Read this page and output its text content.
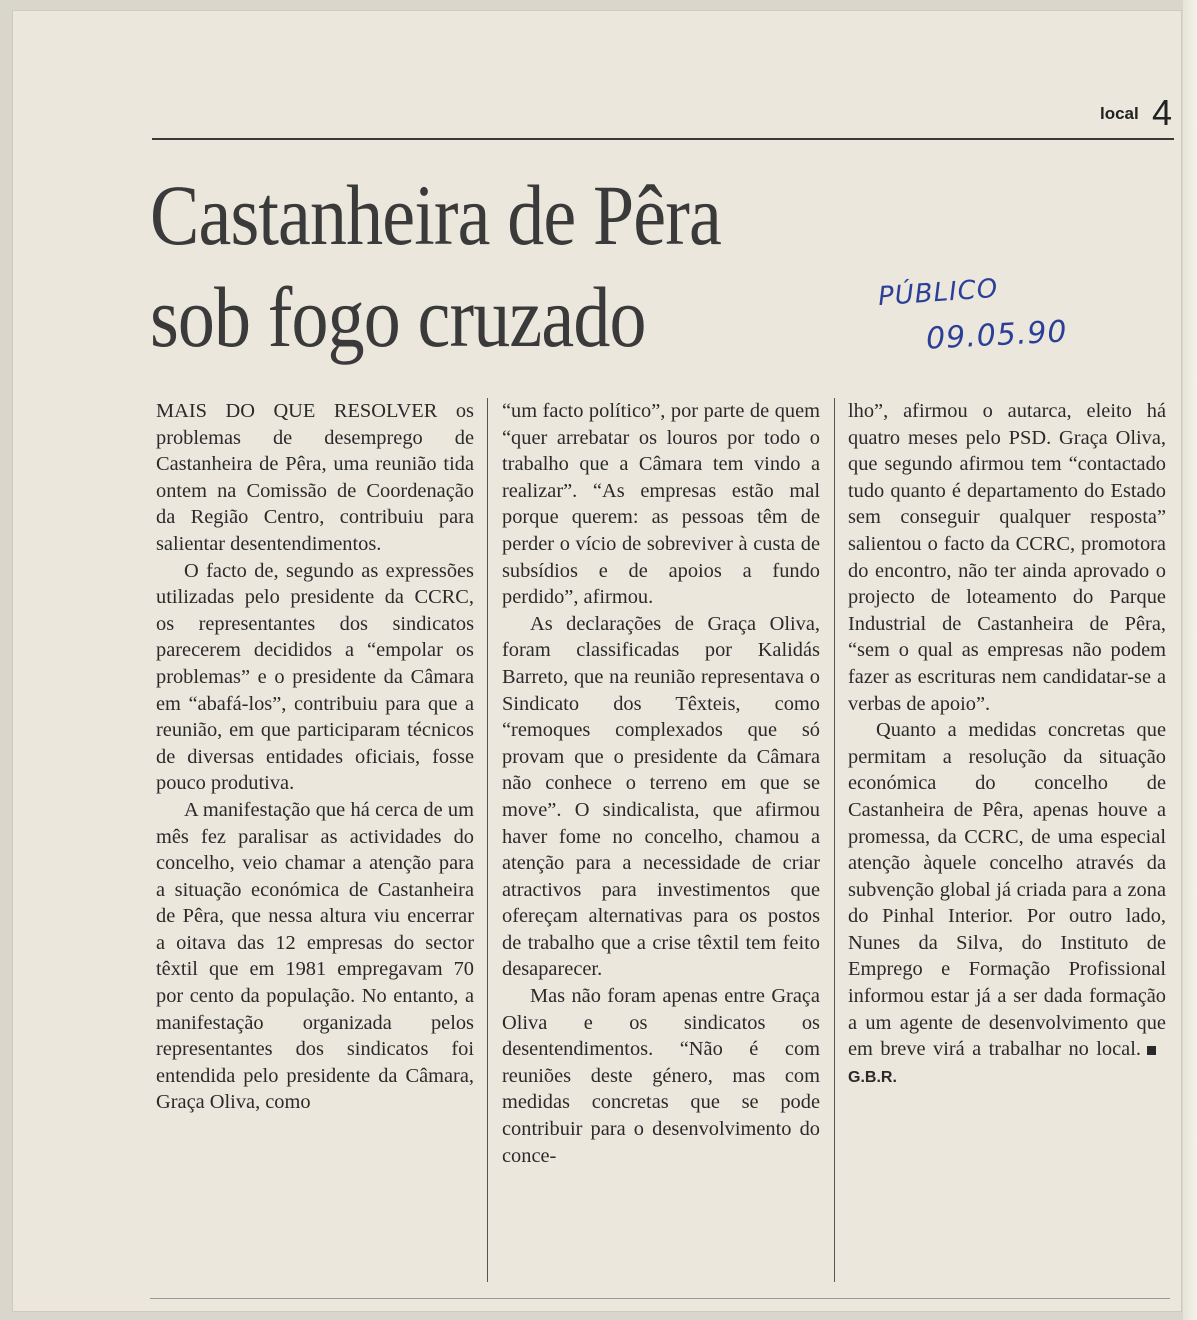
local 4
Castanheira de Pêra
sob fogo cruzado	PÚBLICO
09.05.90

MAIS DO QUE RESOLVER os problemas de desemprego de Castanheira de Pêra, uma reunião tida ontem na Comissão de Coordenação da Região Centro, contribuiu para salientar desentendimentos.

O facto de, segundo as expressões utilizadas pelo presidente da CCRC, os representantes dos sindicatos parecerem decididos a “empolar os problemas” e o presidente da Câmara em “abafá-los”, contribuiu para que a reunião, em que participaram técnicos de diversas entidades oficiais, fosse pouco produtiva.

A manifestação que há cerca de um mês fez paralisar as actividades do concelho, veio chamar a atenção para a situação económica de Castanheira de Pêra, que nessa altura viu encerrar a oitava das 12 empresas do sector têxtil que em 1981 empregavam 70 por cento da população. No entanto, a manifestação organizada pelos representantes dos sindicatos foi entendida pelo presidente da Câmara, Graça Oliva, como

“um facto político”, por parte de quem “quer arrebatar os louros por todo o trabalho que a Câmara tem vindo a realizar”. “As empresas estão mal porque querem: as pessoas têm de perder o vício de sobreviver à custa de subsídios e de apoios a fundo perdido”, afirmou.

As declarações de Graça Oliva, foram classificadas por Kalidás Barreto, que na reunião representava o Sindicato dos Têxteis, como “remoques complexados que só provam que o presidente da Câmara não conhece o terreno em que se move”. O sindicalista, que afirmou haver fome no concelho, chamou a atenção para a necessidade de criar atractivos para investimentos que ofereçam alternativas para os postos de trabalho que a crise têxtil tem feito desaparecer.

Mas não foram apenas entre Graça Oliva e os sindicatos os desentendimentos. “Não é com reuniões deste género, mas com medidas concretas que se pode contribuir para o desenvolvimento do conce-

lho”, afirmou o autarca, eleito há quatro meses pelo PSD. Graça Oliva, que segundo afirmou tem “contactado tudo quanto é departamento do Estado sem conseguir qualquer resposta” salientou o facto da CCRC, promotora do encontro, não ter ainda aprovado o projecto de loteamento do Parque Industrial de Castanheira de Pêra, “sem o qual as empresas não podem fazer as escrituras nem candidatar-se a verbas de apoio”.

Quanto a medidas concretas que permitam a resolução da situação económica do concelho de Castanheira de Pêra, apenas houve a promessa, da CCRC, de uma especial atenção àquele concelho através da subvenção global já criada para a zona do Pinhal Interior. Por outro lado, Nunes da Silva, do Instituto de Emprego e Formação Profissional informou estar já a ser dada formação a um agente de desenvolvimento que em breve virá a trabalhar no local.G.B.R.
